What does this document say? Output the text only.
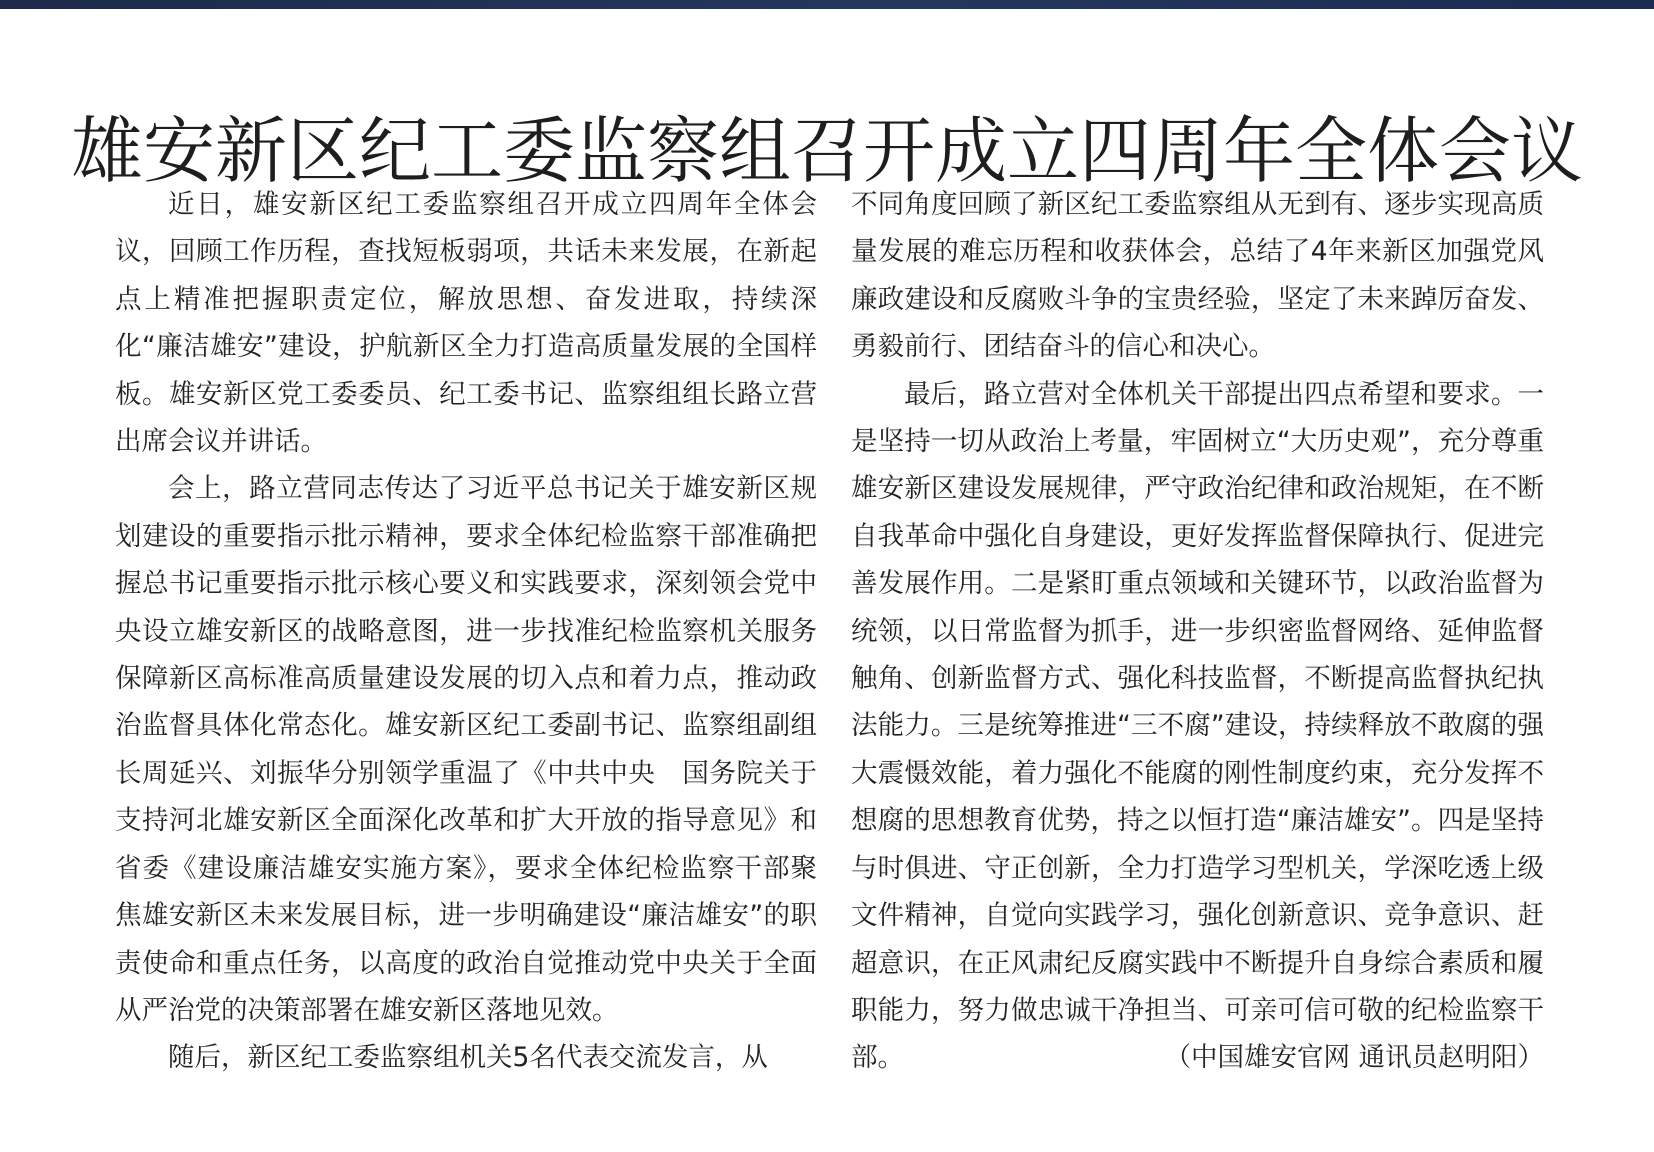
雄安新区纪工委监察组召开成立四周年全体会议

近日，雄安新区纪工委监察组召开成立四周年全体会议，回顾工作历程，查找短板弱项，共话未来发展，在新起点上精准把握职责定位，解放思想、奋发进取，持续深化“廉洁雄安”建设，护航新区全力打造高质量发展的全国样板。雄安新区党工委委员、纪工委书记、监察组组长路立营出席会议并讲话。

会上，路立营同志传达了习近平总书记关于雄安新区规划建设的重要指示批示精神，要求全体纪检监察干部准确把握总书记重要指示批示核心要义和实践要求，深刻领会党中央设立雄安新区的战略意图，进一步找准纪检监察机关服务保障新区高标准高质量建设发展的切入点和着力点，推动政治监督具体化常态化。雄安新区纪工委副书记、监察组副组长周延兴、刘振华分别领学重温了《中共中央　国务院关于支持河北雄安新区全面深化改革和扩大开放的指导意见》和省委《建设廉洁雄安实施方案》，要求全体纪检监察干部聚焦雄安新区未来发展目标，进一步明确建设“廉洁雄安”的职责使命和重点任务，以高度的政治自觉推动党中央关于全面从严治党的决策部署在雄安新区落地见效。

随后，新区纪工委监察组机关5名代表交流发言，从

不同角度回顾了新区纪工委监察组从无到有、逐步实现高质量发展的难忘历程和收获体会，总结了4年来新区加强党风廉政建设和反腐败斗争的宝贵经验，坚定了未来踔厉奋发、勇毅前行、团结奋斗的信心和决心。

最后，路立营对全体机关干部提出四点希望和要求。一是坚持一切从政治上考量，牢固树立“大历史观”，充分尊重雄安新区建设发展规律，严守政治纪律和政治规矩，在不断自我革命中强化自身建设，更好发挥监督保障执行、促进完善发展作用。二是紧盯重点领域和关键环节，以政治监督为统领，以日常监督为抓手，进一步织密监督网络、延伸监督触角、创新监督方式、强化科技监督，不断提高监督执纪执法能力。三是统筹推进“三不腐”建设，持续释放不敢腐的强大震慑效能，着力强化不能腐的刚性制度约束，充分发挥不想腐的思想教育优势，持之以恒打造“廉洁雄安”。四是坚持与时俱进、守正创新，全力打造学习型机关，学深吃透上级文件精神，自觉向实践学习，强化创新意识、竞争意识、赶超意识，在正风肃纪反腐实践中不断提升自身综合素质和履职能力，努力做忠诚干净担当、可亲可信可敬的纪检监察干部。	（中国雄安官网 通讯员赵明阳）
